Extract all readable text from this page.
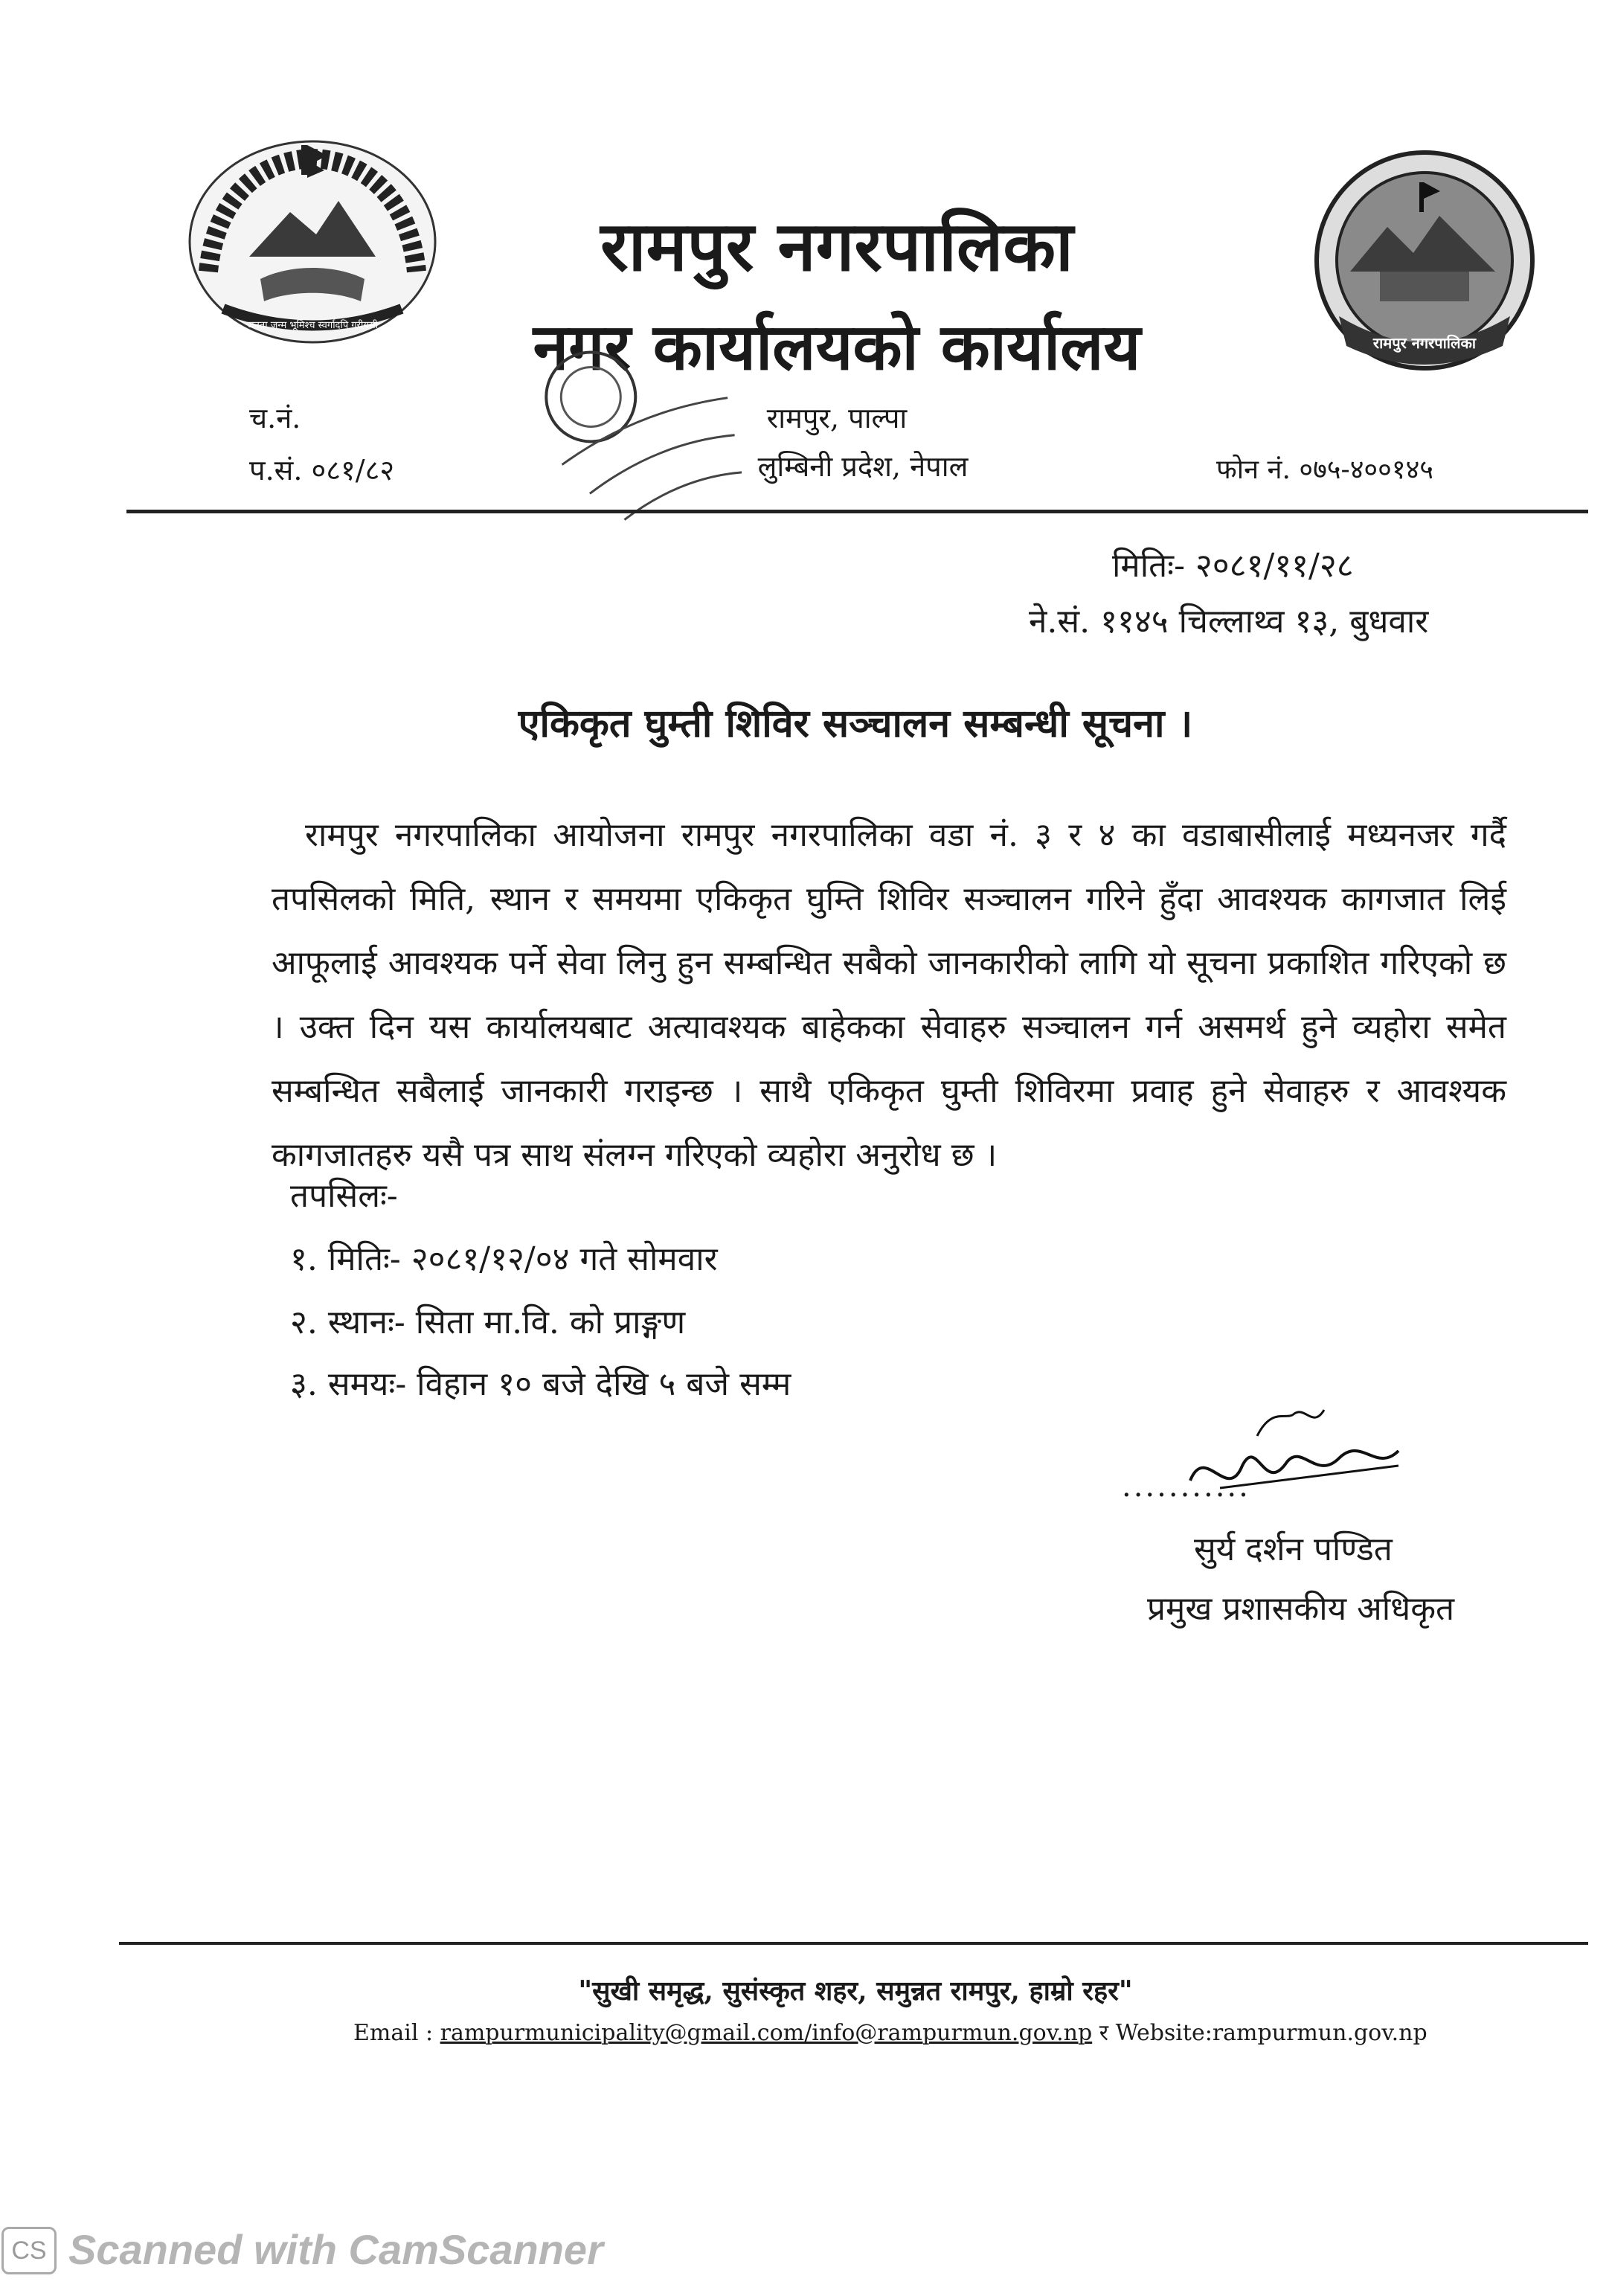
जनता जन्म भूमिश्च स्वर्गादपि गरीयसी
रामपुर नगरपालिका
रामपुर नगरपालिका
नगर कार्यालयको कार्यालय
रामपुर, पाल्पा
लुम्बिनी प्रदेश, नेपाल
च.नं.
प.सं. ०८१/८२	फोन नं. ०७५-४००१४५
मितिः- २०८१/११/२८
ने.सं. ११४५ चिल्लाथ्व १३, बुधवार
एकिकृत घुम्ती शिविर सञ्चालन सम्बन्धी सूचना ।
रामपुर नगरपालिका आयोजना रामपुर नगरपालिका वडा नं. ३ र ४ का वडाबासीलाई मध्यनजर गर्दै तपसिलको मिति, स्थान र समयमा एकिकृत घुम्ति शिविर सञ्चालन गरिने हुँदा आवश्यक कागजात लिई आफूलाई आवश्यक पर्ने सेवा लिनु हुन सम्बन्धित सबैको जानकारीको लागि यो सूचना प्रकाशित गरिएको छ । उक्त दिन यस कार्यालयबाट अत्यावश्यक बाहेकका सेवाहरु सञ्चालन गर्न असमर्थ हुने व्यहोरा समेत सम्बन्धित सबैलाई जानकारी गराइन्छ । साथै एकिकृत घुम्ती शिविरमा प्रवाह हुने सेवाहरु र आवश्यक कागजातहरु यसै पत्र साथ संलग्न गरिएको व्यहोरा अनुरोध छ ।
तपसिलः-
१. मितिः- २०८१/१२/०४ गते सोमवार
२. स्थानः- सिता मा.वि. को प्राङ्गण
३. समयः- विहान १० बजे देखि ५ बजे सम्म
...........
सुर्य दर्शन पण्डित
प्रमुख प्रशासकीय अधिकृत
"सुखी समृद्ध, सुसंस्कृत शहर, समुन्नत रामपुर, हाम्रो रहर"
Email : rampurmunicipality@gmail.com/info@rampurmun.gov.np र Website:rampurmun.gov.np
CS Scanned with CamScanner
